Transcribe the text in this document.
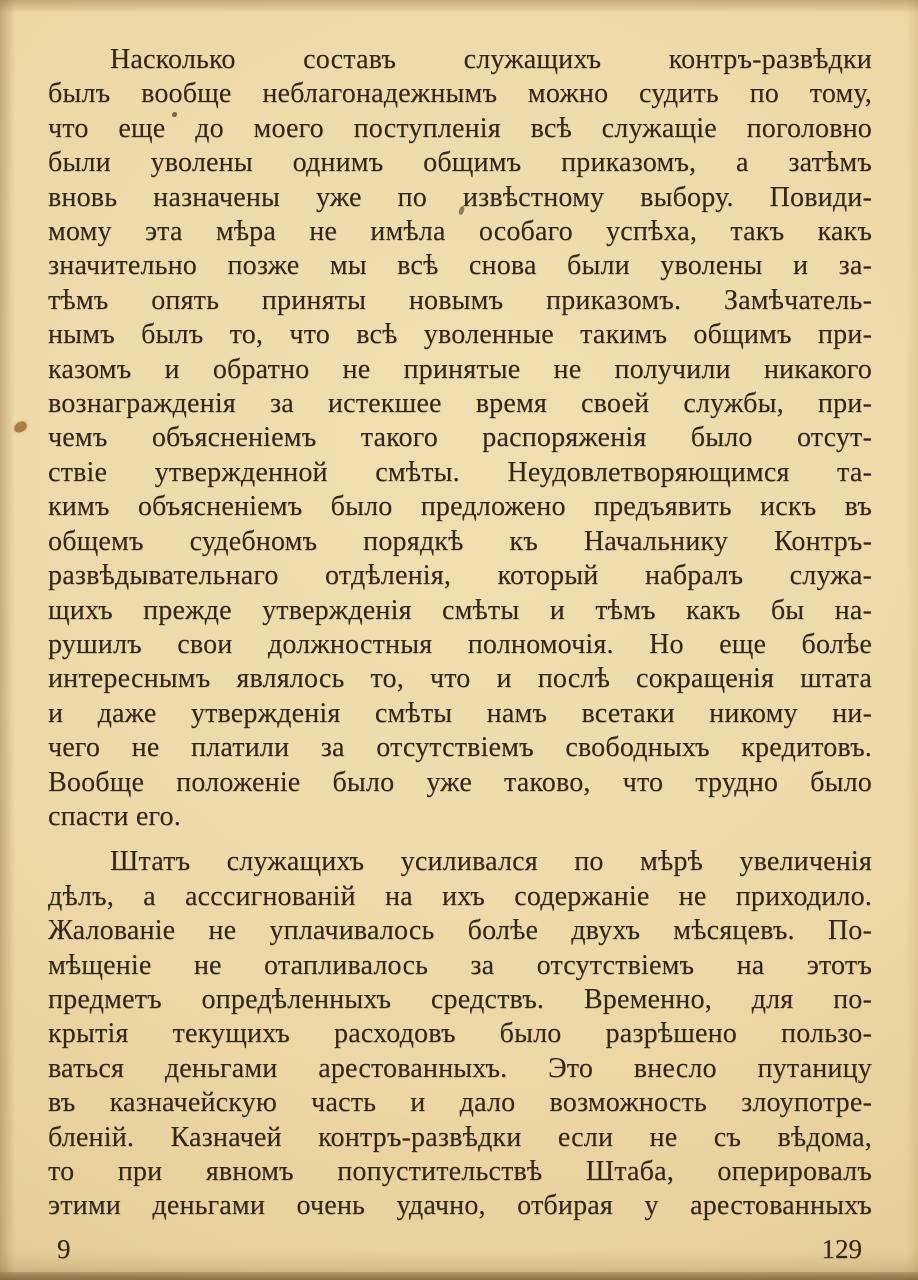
Насколько составъ служащихъ контръ-развѣдки
былъ вообще неблагонадежнымъ можно судить по тому,
что еще до моего поступленія всѣ служащіе поголовно
были уволены однимъ общимъ приказомъ, а затѣмъ
вновь назначены уже по извѣстному выбору. Повиди-
мому эта мѣра не имѣла особаго успѣха, такъ какъ
значительно позже мы всѣ снова были уволены и за-
тѣмъ опять приняты новымъ приказомъ. Замѣчатель-
нымъ былъ то, что всѣ уволенные такимъ общимъ при-
казомъ и обратно не принятые не получили никакого
вознагражденія за истекшее время своей службы, при-
чемъ объясненіемъ такого распоряженія было отсут-
ствіе утвержденной смѣты. Неудовлетворяющимся та-
кимъ объясненіемъ было предложено предъявить искъ въ
общемъ судебномъ порядкѣ къ Начальнику Контръ-
развѣдывательнаго отдѣленія, который набралъ служа-
щихъ прежде утвержденія смѣты и тѣмъ какъ бы на-
рушилъ свои должностныя полномочія. Но еще болѣе
интереснымъ являлось то, что и послѣ сокращенія штата
и даже утвержденія смѣты намъ всетаки никому ни-
чего не платили за отсутствіемъ свободныхъ кредитовъ.
Вообще положеніе было уже таково, что трудно было
спасти его.
Штатъ служащихъ усиливался по мѣрѣ увеличенія
дѣлъ, а асссигнованій на ихъ содержаніе не приходило.
Жалованіе не уплачивалось болѣе двухъ мѣсяцевъ. По-
мѣщеніе не отапливалось за отсутствіемъ на этотъ
предметъ опредѣленныхъ средствъ. Временно, для по-
крытія текущихъ расходовъ было разрѣшено пользо-
ваться деньгами арестованныхъ. Это внесло путаницу
въ казначейскую часть и дало возможность злоупотре-
бленій. Казначей контръ-развѣдки если не съ вѣдома,
то при явномъ попустительствѣ Штаба, оперировалъ
этими деньгами очень удачно, отбирая у арестованныхъ
9	129
